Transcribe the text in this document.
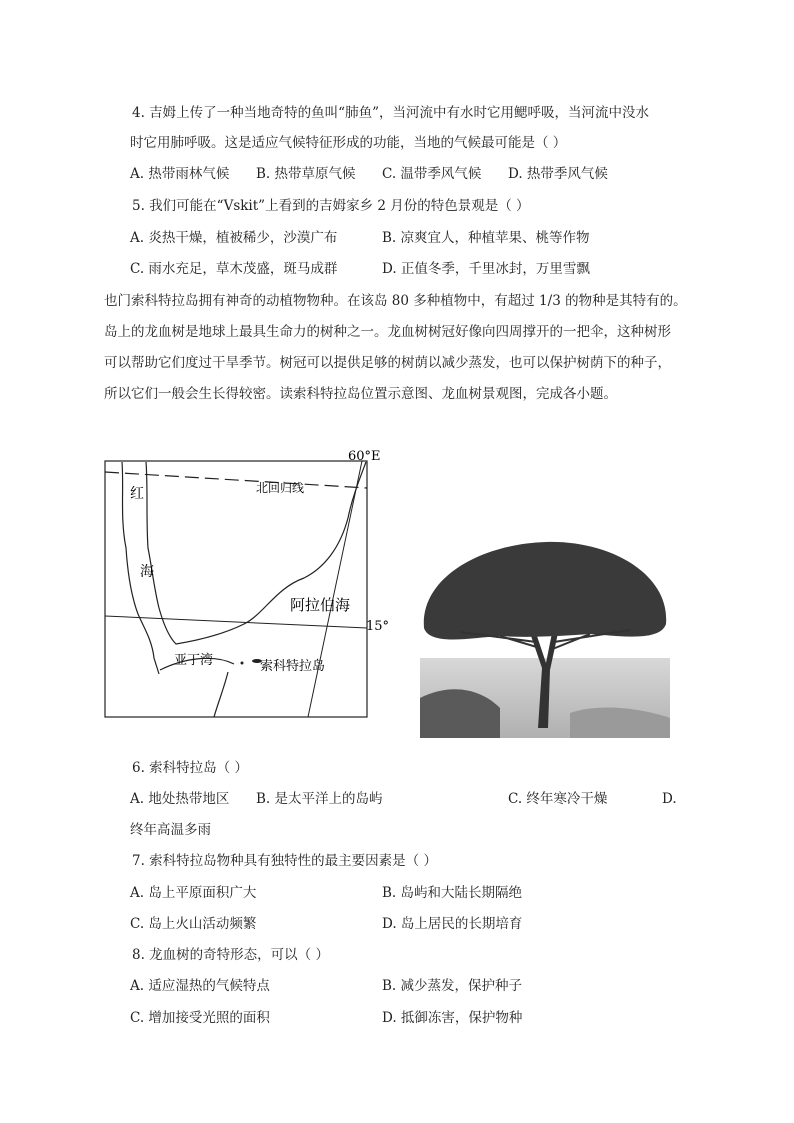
4. 吉姆上传了一种当地奇特的鱼叫“肺鱼”，当河流中有水时它用鳃呼吸，当河流中没水
时它用肺呼吸。这是适应气候特征形成的功能，当地的气候最可能是（ ）
A. 热带雨林气候 B. 热带草原气候 C. 温带季风气候 D. 热带季风气候
5. 我们可能在“Vskit”上看到的吉姆家乡 2 月份的特色景观是（ ）
A. 炎热干燥，植被稀少，沙漠广布	B. 凉爽宜人，种植苹果、桃等作物
C. 雨水充足，草木茂盛，斑马成群	D. 正值冬季，千里冰封，万里雪飘
也门索科特拉岛拥有神奇的动植物物种。在该岛 80 多种植物中，有超过 1/3 的物种是其特有的。
岛上的龙血树是地球上最具生命力的树种之一。龙血树树冠好像向四周撑开的一把伞，这种树形
可以帮助它们度过干旱季节。树冠可以提供足够的树荫以减少蒸发，也可以保护树荫下的种子，
所以它们一般会生长得较密。读索科特拉岛位置示意图、龙血树景观图，完成各小题。
60°E
15°
北回归线
红
海
阿拉伯海
亚丁湾	索科特拉岛
6. 索科特拉岛（ ）
A. 地处热带地区 B. 是太平洋上的岛屿	C. 终年寒冷干燥	D.
终年高温多雨
7. 索科特拉岛物种具有独特性的最主要因素是（ ）
A. 岛上平原面积广大	B. 岛屿和大陆长期隔绝
C. 岛上火山活动频繁	D. 岛上居民的长期培育
8. 龙血树的奇特形态，可以（ ）
A. 适应湿热的气候特点	B. 减少蒸发，保护种子
C. 增加接受光照的面积	D. 抵御冻害，保护物种
